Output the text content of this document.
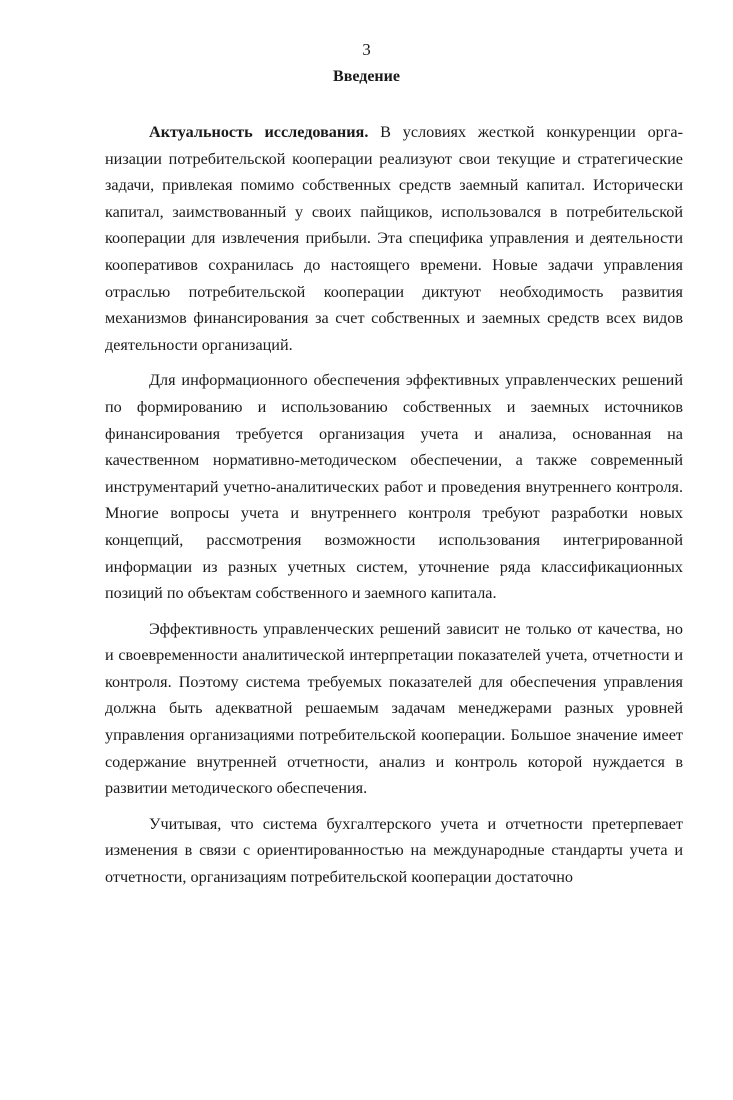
3
Введение

Актуальность исследования. В условиях жесткой конкуренции организации потребительской кооперации реализуют свои текущие и стратегические задачи, привлекая помимо собственных средств заемный капитал. Исторически капитал, заимствованный у своих пайщиков, использовался в потребительской кооперации для извлечения прибыли. Эта специфика управления и деятельности кооперативов сохранилась до настоящего времени. Новые задачи управления отраслью потребительской кооперации диктуют необходимость развития механизмов финансирования за счет собственных и заемных средств всех видов деятельности организаций.

Для информационного обеспечения эффективных управленческих решений по формированию и использованию собственных и заемных источников финансирования требуется организация учета и анализа, основанная на качественном нормативно-методическом обеспечении, а также современный инструментарий учетно-аналитических работ и проведения внутреннего контроля. Многие вопросы учета и внутреннего контроля требуют разработки новых концепций, рассмотрения возможности использования интегрированной информации из разных учетных систем, уточнение ряда классификационных позиций по объектам собственного и заемного капитала.

Эффективность управленческих решений зависит не только от качества, но и своевременности аналитической интерпретации показателей учета, отчетности и контроля. Поэтому система требуемых показателей для обеспечения управления должна быть адекватной решаемым задачам менеджерами разных уровней управления организациями потребительской кооперации. Большое значение имеет содержание внутренней отчетности, анализ и контроль которой нуждается в развитии методического обеспечения.

Учитывая, что система бухгалтерского учета и отчетности претерпевает изменения в связи с ориентированностью на международные стандарты учета и отчетности, организациям потребительской кооперации достаточно
